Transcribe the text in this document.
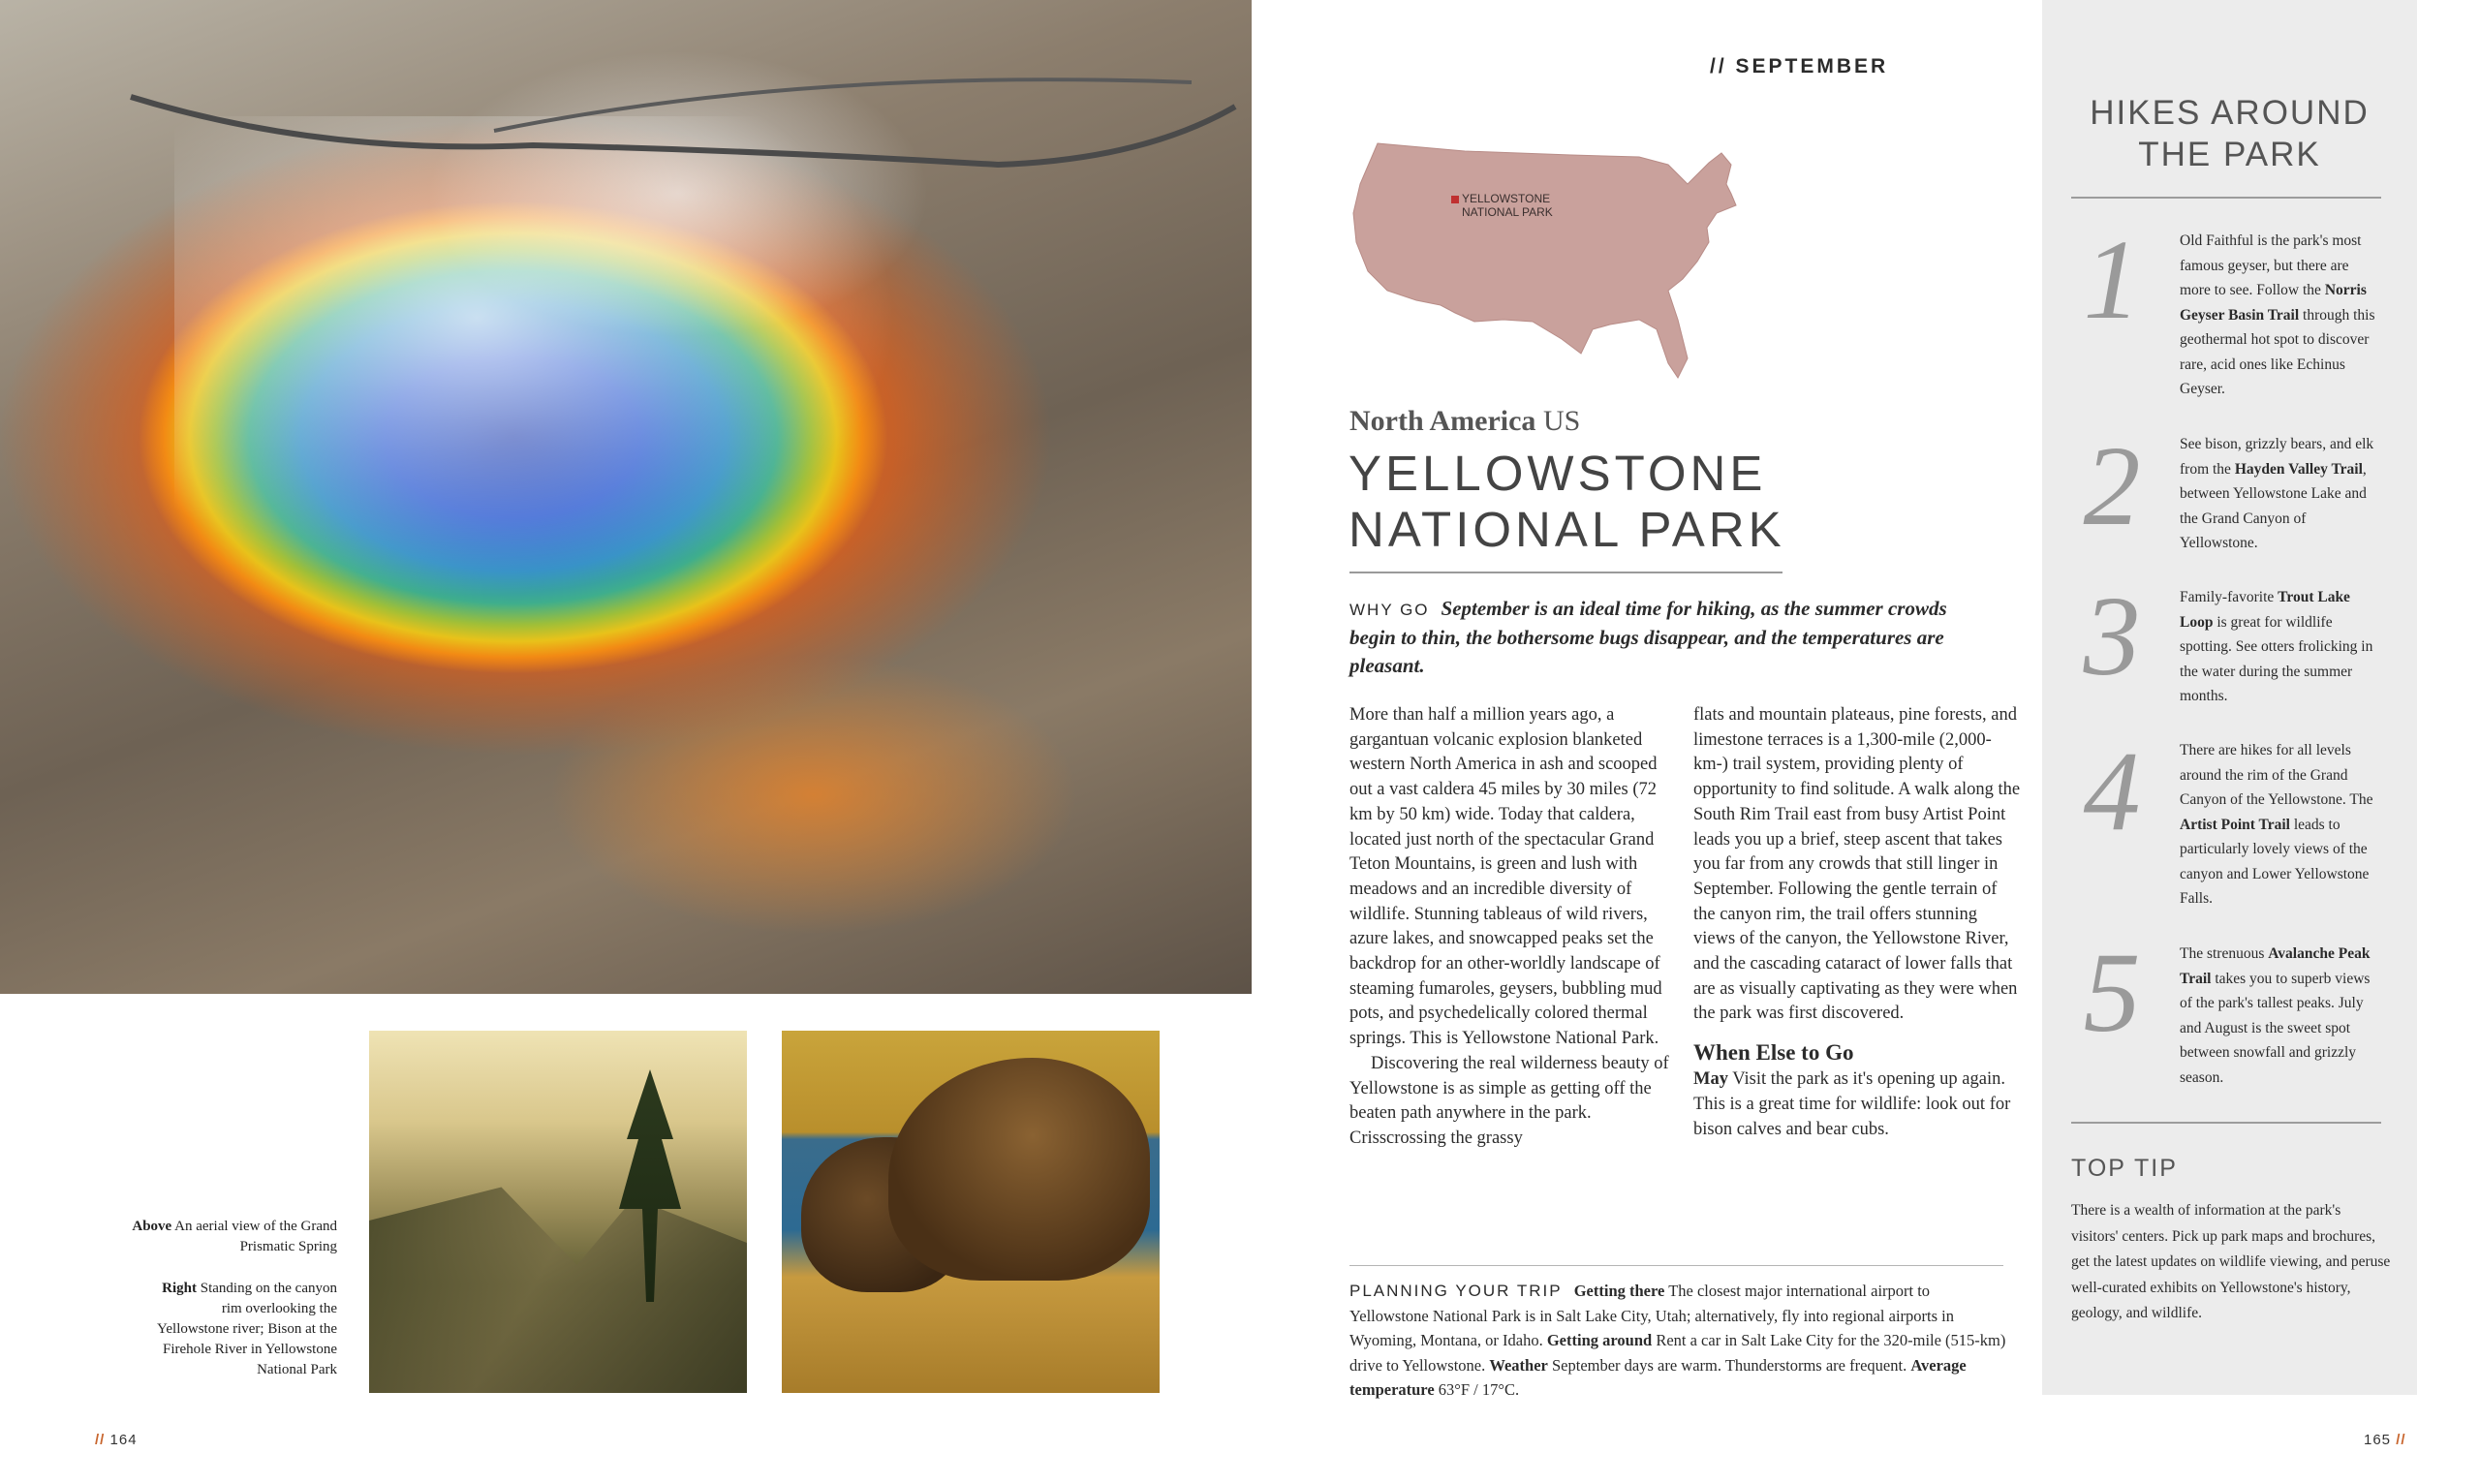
Above An aerial view of the Grand Prismatic Spring
Right Standing on the canyon rim overlooking the Yellowstone river; Bison at the Firehole River in Yellowstone National Park
// 164
// SEPTEMBER
YELLOWSTONE
NATIONAL PARK
North America US
YELLOWSTONE
NATIONAL PARK
WHY GO September is an ideal time for hiking, as the summer crowds begin to thin, the bothersome bugs disappear, and the temperatures are pleasant.

More than half a million years ago, a gargantuan volcanic explosion blanketed western North America in ash and scooped out a vast caldera 45 miles by 30 miles (72 km by 50 km) wide. Today that caldera, located just north of the spectacular Grand Teton Mountains, is green and lush with meadows and an incredible diversity of wildlife. Stunning tableaus of wild rivers, azure lakes, and snowcapped peaks set the backdrop for an other-worldly landscape of steaming fumaroles, geysers, bubbling mud pots, and psychedelically colored thermal springs. This is Yellowstone National Park.

Discovering the real wilderness beauty of Yellowstone is as simple as getting off the beaten path anywhere in the park. Crisscrossing the grassy

flats and mountain plateaus, pine forests, and limestone terraces is a 1,300-mile (2,000-km-) trail system, providing plenty of opportunity to find solitude. A walk along the South Rim Trail east from busy Artist Point leads you up a brief, steep ascent that takes you far from any crowds that still linger in September. Following the gentle terrain of the canyon rim, the trail offers stunning views of the canyon, the Yellowstone River, and the cascading cataract of lower falls that are as visually captivating as they were when the park was first discovered.

When Else to Go
May Visit the park as it's opening up again. This is a great time for wildlife: look out for bison calves and bear cubs.
PLANNING YOUR TRIP Getting there The closest major international airport to Yellowstone National Park is in Salt Lake City, Utah; alternatively, fly into regional airports in Wyoming, Montana, or Idaho. Getting around Rent a car in Salt Lake City for the 320-mile (515-km) drive to Yellowstone. Weather September days are warm. Thunderstorms are frequent. Average temperature 63°F / 17°C.
165 //
HIKES AROUND
THE PARK
1	Old Faithful is the park's most famous geyser, but there are more to see. Follow the Norris Geyser Basin Trail through this geothermal hot spot to discover rare, acid ones like Echinus Geyser.
2	See bison, grizzly bears, and elk from the Hayden Valley Trail, between Yellowstone Lake and the Grand Canyon of Yellowstone.
3	Family-favorite Trout Lake Loop is great for wildlife spotting. See otters frolicking in the water during the summer months.
4	There are hikes for all levels around the rim of the Grand Canyon of the Yellowstone. The Artist Point Trail leads to particularly lovely views of the canyon and Lower Yellowstone Falls.
5	The strenuous Avalanche Peak Trail takes you to superb views of the park's tallest peaks. July and August is the sweet spot between snowfall and grizzly season.
TOP TIP
There is a wealth of information at the park's visitors' centers. Pick up park maps and brochures, get the latest updates on wildlife viewing, and peruse well-curated exhibits on Yellowstone's history, geology, and wildlife.
